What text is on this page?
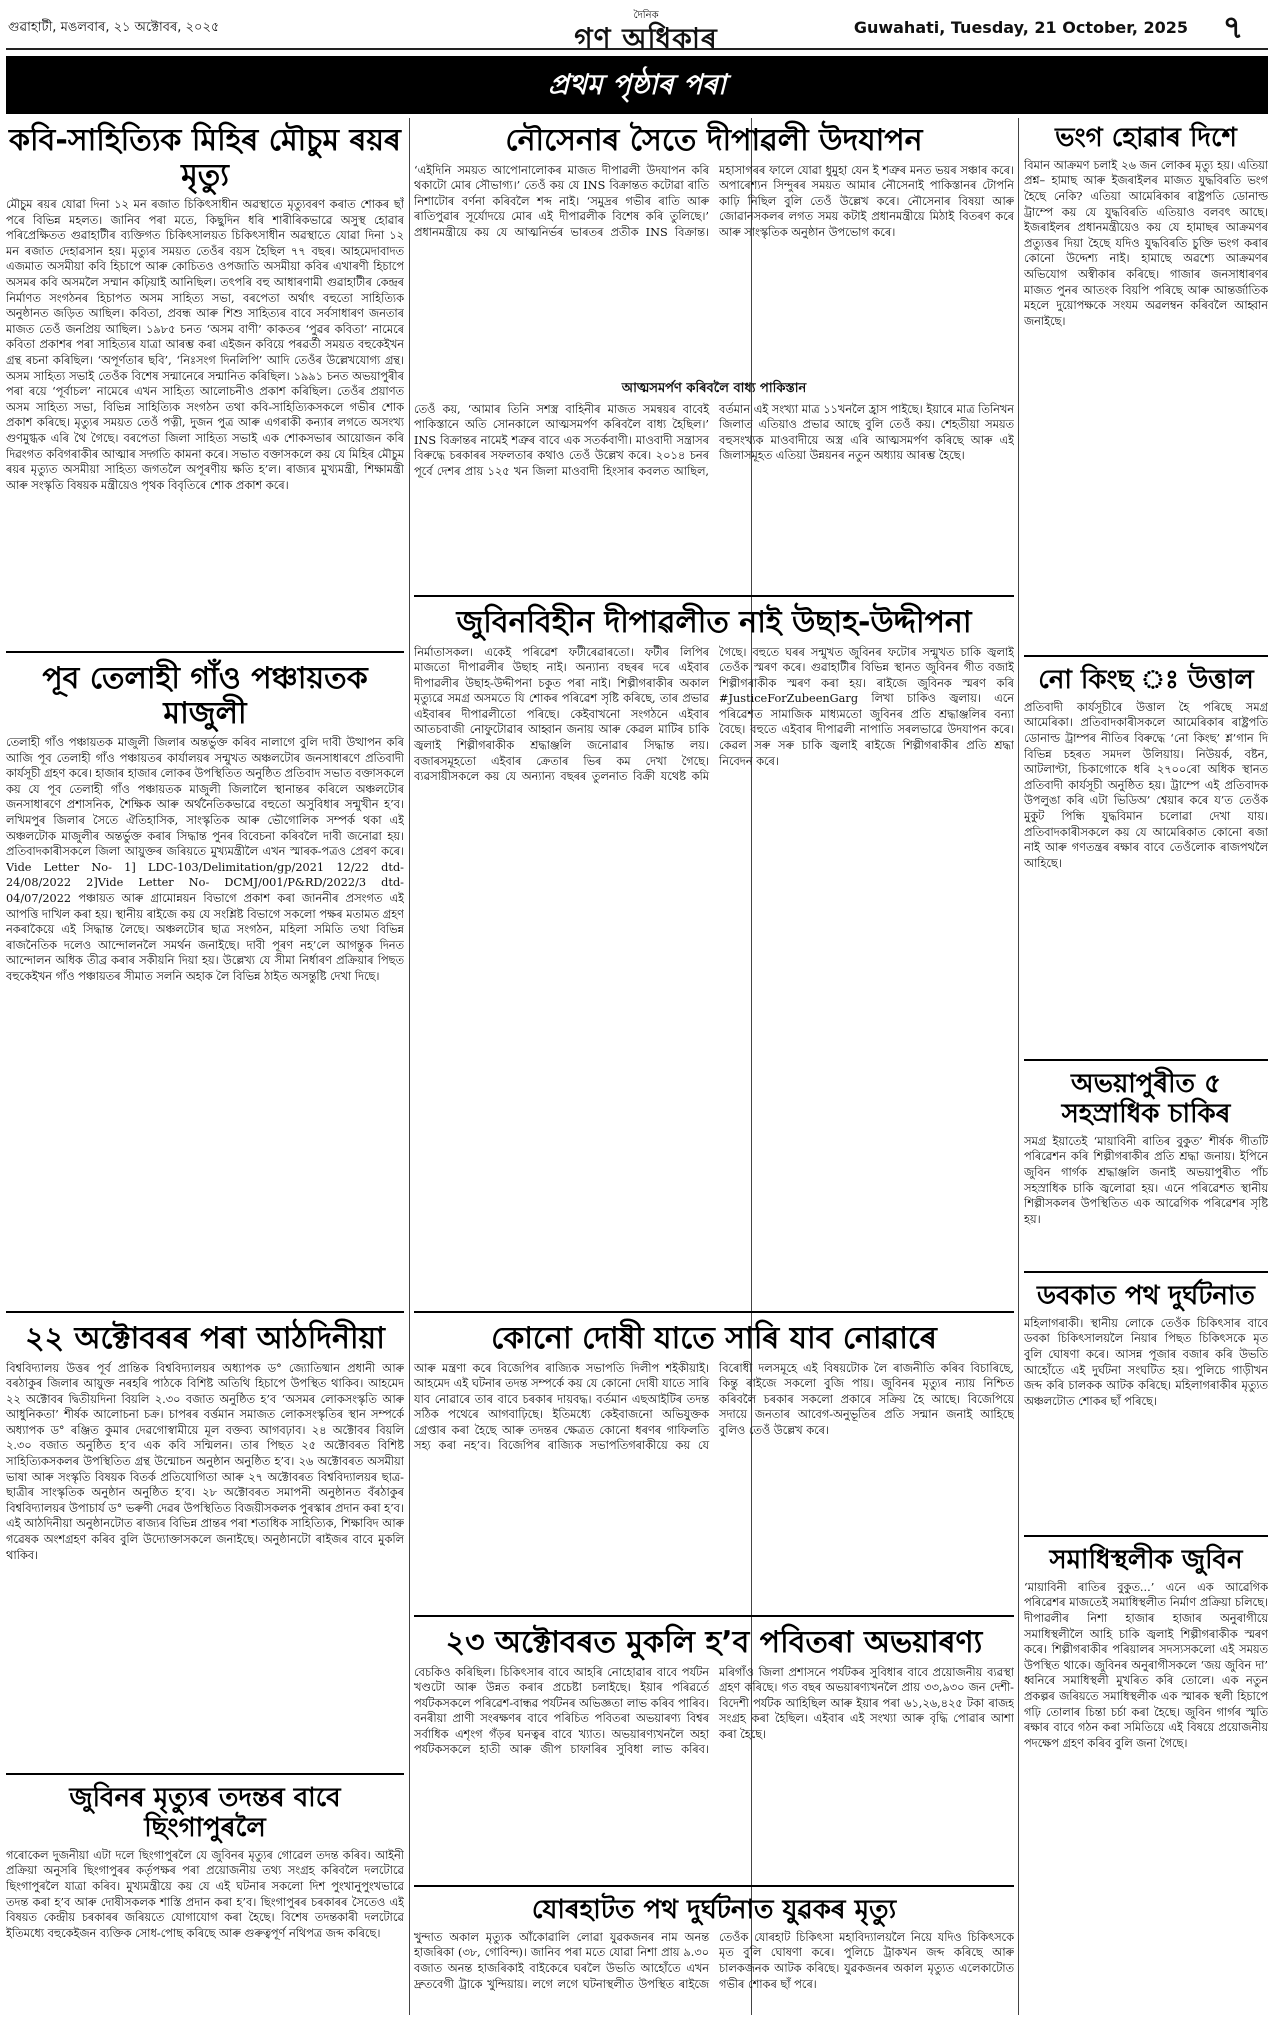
গুৱাহাটী, মঙলবাৰ, ২১ অক্টোবৰ, ২০২৫
দৈনিক
গণ অধিকাৰ	Guwahati, Tuesday, 21 October, 2025	৭
প্ৰথম পৃষ্ঠাৰ পৰা
কবি-সাহিত্যিক মিহিৰ মৌচুম ৰয়ৰ মৃত্যু

মৌচুম ৰয়ৰ যোৱা দিনা ১২ মন ৰজাত চিকিৎসাধীন অৱস্থাতে মৃত্যুবৰণ কৰাত শোকৰ ছাঁ পৰে বিভিন্ন মহলত। জানিব পৰা মতে, কিছুদিন ধৰি শাৰীৰিকভাৱে অসুস্থ হোৱাৰ পৰিপ্ৰেক্ষিতত গুৱাহাটীৰ ব্যক্তিগত চিকিৎসালয়ত চিকিৎসাধীন অৱস্থাতে যোৱা দিনা ১২ মন ৰজাত দেহাৱসান হয়। মৃত্যুৰ সময়ত তেওঁৰ বয়স হৈছিল ৭৭ বছৰ। আহমেদাবাদত এজমাত অসমীয়া কবি হিচাপে আৰু কোচিতও ওপজাতি অসমীয়া কবিৰ এখাৰণী হিচাপে অসমৰ কবি অসমলৈ সম্মান কঢ়িয়াই আনিছিল। তৎপৰি বহু আধাৰণামী গুৱাহাটীৰ কেন্দ্ৰৰ নিৰ্মাণত সংগঠনৰ হিচাপত অসম সাহিত্য সভা, বৰপেতা অৰ্থাৎ বহুতো সাহিত্যিক অনুষ্ঠানত জড়িত আছিল। কবিতা, প্ৰবন্ধ আৰু শিশু সাহিত্যৰ বাবে সৰ্বসাধাৰণ জনতাৰ মাজত তেওঁ জনপ্ৰিয় আছিল। ১৯৮৫ চনত ‘অসম বাণী’ কাকতৰ ‘পুৱৰ কবিতা’ নামেৰে কবিতা প্ৰকাশৰ পৰা সাহিত্যৰ যাত্ৰা আৰম্ভ কৰা এইজন কবিয়ে পৰৱৰ্তী সময়ত বহুকেইখন গ্ৰন্থ ৰচনা কৰিছিল। ‘অপূৰ্ণতাৰ ছবি’, ‘নিঃসংগ দিনলিপি’ আদি তেওঁৰ উল্লেখযোগ্য গ্ৰন্থ। অসম সাহিত্য সভাই তেওঁক বিশেষ সন্মানেৰে সন্মানিত কৰিছিল। ১৯৯১ চনত অভয়াপুৰীৰ পৰা ৰয়ে ‘পূৰ্বাচল’ নামেৰে এখন সাহিত্য আলোচনীও প্ৰকাশ কৰিছিল। তেওঁৰ প্ৰয়াণত অসম সাহিত্য সভা, বিভিন্ন সাহিত্যিক সংগঠন তথা কবি-সাহিত্যিকসকলে গভীৰ শোক প্ৰকাশ কৰিছে। মৃত্যুৰ সময়ত তেওঁ পত্নী, দুজন পুত্ৰ আৰু এগৰাকী কন্যাৰ লগতে অসংখ্য গুণমুগ্ধক এৰি থৈ গৈছে। বৰপেতা জিলা সাহিত্য সভাই এক শোকসভাৰ আয়োজন কৰি দিৱংগত কবিগৰাকীৰ আত্মাৰ সদ্গতি কামনা কৰে। সভাত বক্তাসকলে কয় যে মিহিৰ মৌচুম ৰয়ৰ মৃত্যুত অসমীয়া সাহিত্য জগতলৈ অপূৰণীয় ক্ষতি হ’ল। ৰাজ্যৰ মুখ্যমন্ত্ৰী, শিক্ষামন্ত্ৰী আৰু সংস্কৃতি বিষয়ক মন্ত্ৰীয়েও পৃথক বিবৃতিৰে শোক প্ৰকাশ কৰে।

পূব তেলাহী গাঁও পঞ্চায়তক মাজুলী

তেলাহী গাঁও পঞ্চায়তক মাজুলী জিলাৰ অন্তৰ্ভুক্ত কৰিব নালাগে বুলি দাবী উত্থাপন কৰি আজি পূব তেলাহী গাঁও পঞ্চায়তৰ কাৰ্যালয়ৰ সন্মুখত অঞ্চলটোৰ জনসাধাৰণে প্ৰতিবাদী কাৰ্যসূচী গ্ৰহণ কৰে। হাজাৰ হাজাৰ লোকৰ উপস্থিতিত অনুষ্ঠিত প্ৰতিবাদ সভাত বক্তাসকলে কয় যে পূব তেলাহী গাঁও পঞ্চায়তক মাজুলী জিলালৈ স্থানান্তৰ কৰিলে অঞ্চলটোৰ জনসাধাৰণে প্ৰশাসনিক, শৈক্ষিক আৰু অৰ্থনৈতিকভাৱে বহুতো অসুবিধাৰ সন্মুখীন হ’ব। লখিমপুৰ জিলাৰ সৈতে ঐতিহাসিক, সাংস্কৃতিক আৰু ভৌগোলিক সম্পৰ্ক থকা এই অঞ্চলটোক মাজুলীৰ অন্তৰ্ভুক্ত কৰাৰ সিদ্ধান্ত পুনৰ বিবেচনা কৰিবলৈ দাবী জনোৱা হয়। প্ৰতিবাদকাৰীসকলে জিলা আয়ুক্তৰ জৰিয়তে মুখ্যমন্ত্ৰীলৈ এখন স্মাৰক-পত্ৰও প্ৰেৰণ কৰে। Vide Letter No- 1] LDC-103/Delimitation/gp/2021 12/22 dtd-24/08/2022 2]Vide Letter No- DCMJ/001/P&RD/2022/3 dtd- 04/07/2022 পঞ্চায়ত আৰু গ্ৰামোন্নয়ন বিভাগে প্ৰকাশ কৰা জাননীৰ প্ৰসংগত এই আপত্তি দাখিল কৰা হয়। স্থানীয় ৰাইজে কয় যে সংশ্লিষ্ট বিভাগে সকলো পক্ষৰ মতামত গ্ৰহণ নকৰাকৈয়ে এই সিদ্ধান্ত লৈছে। অঞ্চলটোৰ ছাত্ৰ সংগঠন, মহিলা সমিতি তথা বিভিন্ন ৰাজনৈতিক দলেও আন্দোলনলৈ সমৰ্থন জনাইছে। দাবী পূৰণ নহ’লে আগন্তুক দিনত আন্দোলন অধিক তীব্ৰ কৰাৰ সকীয়নি দিয়া হয়। উল্লেখ্য যে সীমা নিৰ্ধাৰণ প্ৰক্ৰিয়াৰ পিছত বহুকেইখন গাঁও পঞ্চায়তৰ সীমাত সলনি অহাক লৈ বিভিন্ন ঠাইত অসন্তুষ্টি দেখা দিছে।

২২ অক্টোবৰৰ পৰা আঠদিনীয়া

বিশ্ববিদ্যালয় উত্তৰ পূৰ্ব প্ৰান্তিক বিশ্ববিদ্যালয়ৰ অধ্যাপক ড° জ্যোতিষ্মান প্ৰধানী আৰু বৰঠাকুৰ জিলাৰ আয়ুক্ত নৰহৰি পাঠকে বিশিষ্ট অতিথি হিচাপে উপস্থিত থাকিব। আহমেদ ২২ অক্টোবৰ দ্বিতীয়দিনা বিয়লি ২.৩০ বজাত অনুষ্ঠিত হ’ব ‘অসমৰ লোকসংস্কৃতি আৰু আধুনিকতা’ শীৰ্ষক আলোচনা চক্ৰ। চাপৰৰ বৰ্ত্তমান সমাজত লোকসংস্কৃতিৰ স্থান সম্পৰ্কে অধ্যাপক ড° ৰঞ্জিত কুমাৰ দেৱগোস্বামীয়ে মূল বক্তব্য আগবঢ়াব। ২৪ অক্টোবৰ বিয়লি ২.৩০ বজাত অনুষ্ঠিত হ’ব এক কবি সন্মিলন। তাৰ পিছত ২৫ অক্টোবৰত বিশিষ্ট সাহিত্যিকসকলৰ উপস্থিতিত গ্ৰন্থ উন্মোচন অনুষ্ঠান অনুষ্ঠিত হ’ব। ২৬ অক্টোবৰত অসমীয়া ভাষা আৰু সংস্কৃতি বিষয়ক বিতৰ্ক প্ৰতিযোগিতা আৰু ২৭ অক্টোবৰত বিশ্ববিদ্যালয়ৰ ছাত্ৰ-ছাত্ৰীৰ সাংস্কৃতিক অনুষ্ঠান অনুষ্ঠিত হ’ব। ২৮ অক্টোবৰত সমাপনী অনুষ্ঠানত বঁৰঠাকুৰ বিশ্ববিদ্যালয়ৰ উপাচাৰ্য ড° ভৰুণী দেৱৰ উপস্থিতিত বিজয়ীসকলক পুৰস্কাৰ প্ৰদান কৰা হ’ব। এই আঠদিনীয়া অনুষ্ঠানটোত ৰাজ্যৰ বিভিন্ন প্ৰান্তৰ পৰা শতাধিক সাহিত্যিক, শিক্ষাবিদ আৰু গৱেষক অংশগ্ৰহণ কৰিব বুলি উদ্যোক্তাসকলে জনাইছে। অনুষ্ঠানটো ৰাইজৰ বাবে মুকলি থাকিব।

জুবিনৰ মৃত্যুৰ তদন্তৰ বাবে ছিংগাপুৰলৈ

গৰোকেল দুজনীয়া এটা দলে ছিংগাপুৰলৈ যে জুবিনৰ মৃত্যুৰ গোৱেল তদন্ত কৰিব। আইনী প্ৰক্ৰিয়া অনুসৰি ছিংগাপুৰৰ কৰ্তৃপক্ষৰ পৰা প্ৰয়োজনীয় তথ্য সংগ্ৰহ কৰিবলৈ দলটোৱে ছিংগাপুৰলৈ যাত্ৰা কৰিব। মুখ্যমন্ত্ৰীয়ে কয় যে এই ঘটনাৰ সকলো দিশ পুংখানুপুংখভাৱে তদন্ত কৰা হ’ব আৰু দোষীসকলক শাস্তি প্ৰদান কৰা হ’ব। ছিংগাপুৰৰ চৰকাৰৰ সৈতেও এই বিষয়ত কেন্দ্ৰীয় চৰকাৰৰ জৰিয়তে যোগাযোগ কৰা হৈছে। বিশেষ তদন্তকাৰী দলটোৱে ইতিমধ্যে বহুকেইজন ব্যক্তিক সোধ-পোছ কৰিছে আৰু গুৰুত্বপূৰ্ণ নথিপত্ৰ জব্দ কৰিছে।

নৌসেনাৰ সৈতে দীপাৱলী উদযাপন

‘এইদিনি সময়ত আপোনালোকৰ মাজত দীপাৱলী উদযাপন কৰি থকাটো মোৰ সৌভাগ্য।’ তেওঁ কয় যে INS বিক্ৰান্তত কটোৱা ৰাতি নিশাটোৰ বৰ্ণনা কৰিবলৈ শব্দ নাই। ‘সমুদ্ৰৰ গভীৰ ৰাতি আৰু ৰাতিপুৱাৰ সূৰ্যোদয়ে মোৰ এই দীপাৱলীক বিশেষ কৰি তুলিছে।’ প্ৰধানমন্ত্ৰীয়ে কয় যে আত্মনিৰ্ভৰ ভাৰতৰ প্ৰতীক INS বিক্ৰান্ত। মহাসাগৰৰ ফালে যোৱা ধুমুহা যেন ই শত্ৰুৰ মনত ভয়ৰ সঞ্চাৰ কৰে। অপাৰেশ্যন সিন্দুৰৰ সময়ত আমাৰ নৌসেনাই পাকিস্তানৰ টোপনি কাঢ়ি নিছিল বুলি তেওঁ উল্লেখ কৰে। নৌসেনাৰ বিষয়া আৰু জোৱানসকলৰ লগত সময় কটাই প্ৰধানমন্ত্ৰীয়ে মিঠাই বিতৰণ কৰে আৰু সাংস্কৃতিক অনুষ্ঠান উপভোগ কৰে।

আত্মসমৰ্পণ কৰিবলৈ বাধ্য পাকিস্তান

তেওঁ কয়, ‘আমাৰ তিনি সশস্ত্ৰ বাহিনীৰ মাজত সমন্বয়ৰ বাবেই পাকিস্তানে অতি সোনকালে আত্মসমৰ্পণ কৰিবলৈ বাধ্য হৈছিল।’ INS বিক্ৰান্তৰ নামেই শত্ৰুৰ বাবে এক সতৰ্কবাণী। মাওবাদী সন্ত্ৰাসৰ বিৰুদ্ধে চৰকাৰৰ সফলতাৰ কথাও তেওঁ উল্লেখ কৰে। ২০১৪ চনৰ পূৰ্বে দেশৰ প্ৰায় ১২৫ খন জিলা মাওবাদী হিংসাৰ কবলত আছিল, বৰ্তমান এই সংখ্যা মাত্ৰ ১১খনলৈ হ্ৰাস পাইছে। ইয়াৰে মাত্ৰ তিনিখন জিলাত এতিয়াও প্ৰভাৱ আছে বুলি তেওঁ কয়। শেহতীয়া সময়ত বহুসংখ্যক মাওবাদীয়ে অস্ত্ৰ এৰি আত্মসমৰ্পণ কৰিছে আৰু এই জিলাসমূহত এতিয়া উন্নয়নৰ নতুন অধ্যায় আৰম্ভ হৈছে।

জুবিনবিহীন দীপাৱলীত নাই উছাহ-উদ্দীপনা

নিৰ্মাতাসকল। একেই পৰিৱেশ ফটীৰেৱাৰতো। ফটীৰ লিপিৰ মাজতো দীপাৱলীৰ উছাহ নাই। অন্যান্য বছৰৰ দৰে এইবাৰ দীপাৱলীৰ উছাহ-উদ্দীপনা চকুত পৰা নাই। শিল্পীগৰাকীৰ অকাল মৃত্যুৱে সমগ্ৰ অসমতে যি শোকৰ পৰিৱেশ সৃষ্টি কৰিছে, তাৰ প্ৰভাৱ এইবাৰৰ দীপাৱলীতো পৰিছে। কেইবাখনো সংগঠনে এইবাৰ আতচবাজী নোফুটোৱাৰ আহ্বান জনায় আৰু কেৱল মাটিৰ চাকি জ্বলাই শিল্পীগৰাকীক শ্ৰদ্ধাঞ্জলি জনোৱাৰ সিদ্ধান্ত লয়। বজাৰসমূহতো এইবাৰ ক্ৰেতাৰ ভিৰ কম দেখা গৈছে। ব্যৱসায়ীসকলে কয় যে অন্যান্য বছৰৰ তুলনাত বিক্ৰী যথেষ্ট কমি গৈছে। বহুতে ঘৰৰ সন্মুখত জুবিনৰ ফটোৰ সন্মুখত চাকি জ্বলাই তেওঁক স্মৰণ কৰে। গুৱাহাটীৰ বিভিন্ন স্থানত জুবিনৰ গীত বজাই শিল্পীগৰাকীক স্মৰণ কৰা হয়। ৰাইজে জুবিনক স্মৰণ কৰি #JusticeForZubeenGarg লিখা চাকিও জ্বলায়। এনে পৰিৱেশত সামাজিক মাধ্যমতো জুবিনৰ প্ৰতি শ্ৰদ্ধাঞ্জলিৰ বন্যা বৈছে। বহুতে এইবাৰ দীপাৱলী নাপাতি সৰলভাৱে উদযাপন কৰে। কেৱল সৰু সৰু চাকি জ্বলাই ৰাইজে শিল্পীগৰাকীৰ প্ৰতি শ্ৰদ্ধা নিবেদন কৰে।

কোনো দোষী যাতে সাৰি যাব নোৱাৰে

আৰু মন্ত্ৰণা কৰে বিজেপিৰ ৰাজ্যিক সভাপতি দিলীপ শইকীয়াই। আহমেদ এই ঘটনাৰ তদন্ত সম্পৰ্কে কয় যে কোনো দোষী যাতে সাৰি যাব নোৱাৰে তাৰ বাবে চৰকাৰ দায়বদ্ধ। বৰ্তমান এছআইটিৰ তদন্ত সঠিক পথেৰে আগবাঢ়িছে। ইতিমধ্যে কেইবাজনো অভিযুক্তক গ্ৰেপ্তাৰ কৰা হৈছে আৰু তদন্তৰ ক্ষেত্ৰত কোনো ধৰণৰ গাফিলতি সহ্য কৰা নহ’ব। বিজেপিৰ ৰাজ্যিক সভাপতিগৰাকীয়ে কয় যে বিৰোধী দলসমূহে এই বিষয়টোক লৈ ৰাজনীতি কৰিব বিচাৰিছে, কিন্তু ৰাইজে সকলো বুজি পায়। জুবিনৰ মৃত্যুৰ ন্যায় নিশ্চিত কৰিবলৈ চৰকাৰ সকলো প্ৰকাৰে সক্ৰিয় হৈ আছে। বিজেপিয়ে সদায়ে জনতাৰ আবেগ-অনুভূতিৰ প্ৰতি সন্মান জনাই আহিছে বুলিও তেওঁ উল্লেখ কৰে।

২৩ অক্টোবৰত মুকলি হ’ব পবিতৰা অভয়াৰণ্য

বেচকিও কৰিছিল। চিকিৎসাৰ বাবে আহৰি নোহোৱাৰ বাবে পৰ্যটন খণ্ডটো আৰু উন্নত কৰাৰ প্ৰচেষ্টা চলাইছে। ইয়াৰ পৰিৱৰ্তে পৰ্যটকসকলে পৰিৱেশ-বান্ধৱ পৰ্যটনৰ অভিজ্ঞতা লাভ কৰিব পাৰিব। বনৰীয়া প্ৰাণী সংৰক্ষণৰ বাবে পৰিচিত পবিতৰা অভয়াৰণ্য বিশ্বৰ সৰ্বাধিক এশৃংগ গঁড়ৰ ঘনত্বৰ বাবে খ্যাত। অভয়াৰণ্যখনলৈ অহা পৰ্যটকসকলে হাতী আৰু জীপ চাফাৰিৰ সুবিধা লাভ কৰিব। মৰিগাঁও জিলা প্ৰশাসনে পৰ্যটকৰ সুবিধাৰ বাবে প্ৰয়োজনীয় ব্যৱস্থা গ্ৰহণ কৰিছে। গত বছৰ অভয়াৰণ্যখনলৈ প্ৰায় ৩৩,৯৩০ জন দেশী-বিদেশী পৰ্যটক আহিছিল আৰু ইয়াৰ পৰা ৬১,২৬,৪২৫ টকা ৰাজহ সংগ্ৰহ কৰা হৈছিল। এইবাৰ এই সংখ্যা আৰু বৃদ্ধি পোৱাৰ আশা কৰা হৈছে।

যোৰহাটত পথ দুৰ্ঘটনাত যুৱকৰ মৃত্যু

খুন্দাত অকাল মৃত্যুক আঁকোৱালি লোৱা যুৱকজনৰ নাম অনন্ত হাজৰিকা (৩৮, গোবিন্দ)। জানিব পৰা মতে যোৱা নিশা প্ৰায় ৯.৩০ বজাত অনন্ত হাজৰিকাই বাইকেৰে ঘৰলৈ উভতি আহোঁতে এখন দ্ৰুতবেগী ট্ৰাকে খুন্দিয়ায়। লগে লগে ঘটনাস্থলীত উপস্থিত ৰাইজে তেওঁক যোৰহাট চিকিৎসা মহাবিদ্যালয়লৈ নিয়ে যদিও চিকিৎসকে মৃত বুলি ঘোষণা কৰে। পুলিচে ট্ৰাকখন জব্দ কৰিছে আৰু চালকজনক আটক কৰিছে। যুৱকজনৰ অকাল মৃত্যুত এলেকাটোত গভীৰ শোকৰ ছাঁ পৰে।

ভংগ হোৱাৰ দিশে

বিমান আক্ৰমণ চলাই ২৬ জন লোকৰ মৃত্যু হয়। এতিয়া প্ৰশ্ন– হামাছ আৰু ইজৰাইলৰ মাজত যুদ্ধবিৰতি ভংগ হৈছে নেকি? এতিয়া আমেৰিকাৰ ৰাষ্ট্ৰপতি ডোনাল্ড ট্ৰাম্পে কয় যে যুদ্ধবিৰতি এতিয়াও বলবৎ আছে। ইজৰাইলৰ প্ৰধানমন্ত্ৰীয়েও কয় যে হামাছৰ আক্ৰমণৰ প্ৰত্যুত্তৰ দিয়া হৈছে যদিও যুদ্ধবিৰতি চুক্তি ভংগ কৰাৰ কোনো উদ্দেশ্য নাই। হামাছে অৱশ্যে আক্ৰমণৰ অভিযোগ অস্বীকাৰ কৰিছে। গাজাৰ জনসাধাৰণৰ মাজত পুনৰ আতংক বিয়পি পৰিছে আৰু আন্তৰ্জাতিক মহলে দুয়োপক্ষকে সংযম অৱলম্বন কৰিবলৈ আহ্বান জনাইছে।

নো কিংছ ঃ উত্তাল

প্ৰতিবাদী কাৰ্যসূচীৰে উত্তাল হৈ পৰিছে সমগ্ৰ আমেৰিকা। প্ৰতিবাদকাৰীসকলে আমেৰিকাৰ ৰাষ্ট্ৰপতি ডোনাল্ড ট্ৰাম্পৰ নীতিৰ বিৰুদ্ধে ‘নো কিংছ’ শ্ল’গান দি বিভিন্ন চহৰত সমদল উলিয়ায়। নিউয়ৰ্ক, বষ্টন, আটলাণ্টা, চিকাগোকে ধৰি ২৭০০ৰো অধিক স্থানত প্ৰতিবাদী কাৰ্যসূচী অনুষ্ঠিত হয়। ট্ৰাম্পে এই প্ৰতিবাদক উপলুঙা কৰি এটা ভিডিঅ’ শ্বেয়াৰ কৰে য’ত তেওঁক মুকুট পিন্ধি যুদ্ধবিমান চলোৱা দেখা যায়। প্ৰতিবাদকাৰীসকলে কয় যে আমেৰিকাত কোনো ৰজা নাই আৰু গণতন্ত্ৰৰ ৰক্ষাৰ বাবে তেওঁলোক ৰাজপথলৈ আহিছে।

অভয়াপুৰীত ৫ সহস্ৰাধিক চাকিৰ

সমগ্ৰ ইয়াতেই ‘মায়াবিনী ৰাতিৰ বুকুত’ শীৰ্ষক গীতটি পৰিৱেশন কৰি শিল্পীগৰাকীৰ প্ৰতি শ্ৰদ্ধা জনায়। ইপিনে জুবিন গাৰ্গক শ্ৰদ্ধাঞ্জলি জনাই অভয়াপুৰীত পাঁচ সহস্ৰাধিক চাকি জ্বলোৱা হয়। এনে পৰিৱেশত স্থানীয় শিল্পীসকলৰ উপস্থিতিত এক আৱেগিক পৰিৱেশৰ সৃষ্টি হয়।

ডবকাত পথ দুৰ্ঘটনাত

মহিলাগৰাকী। স্থানীয় লোকে তেওঁক চিকিৎসাৰ বাবে ডবকা চিকিৎসালয়লৈ নিয়াৰ পিছত চিকিৎসকে মৃত বুলি ঘোষণা কৰে। আসন্ন পূজাৰ বজাৰ কৰি উভতি আহোঁতে এই দুৰ্ঘটনা সংঘটিত হয়। পুলিচে গাড়ীখন জব্দ কৰি চালকক আটক কৰিছে। মহিলাগৰাকীৰ মৃত্যুত অঞ্চলটোত শোকৰ ছাঁ পৰিছে।

সমাধিস্থলীক জুবিন

‘মায়াবিনী ৰাতিৰ বুকুত...’ এনে এক আৱেগিক পৰিৱেশৰ মাজতেই সমাধিস্থলীত নিৰ্মাণ প্ৰক্ৰিয়া চলিছে। দীপাৱলীৰ নিশা হাজাৰ হাজাৰ অনুৰাগীয়ে সমাধিস্থলীলৈ আহি চাকি জ্বলাই শিল্পীগৰাকীক স্মৰণ কৰে। শিল্পীগৰাকীৰ পৰিয়ালৰ সদস্যসকলো এই সময়ত উপস্থিত থাকে। জুবিনৰ অনুৰাগীসকলে ‘জয় জুবিন দা’ ধ্বনিৰে সমাধিস্থলী মুখৰিত কৰি তোলে। এক নতুন প্ৰকল্পৰ জৰিয়তে সমাধিস্থলীক এক স্মাৰক স্থলী হিচাপে গঢ়ি তোলাৰ চিন্তা চৰ্চা কৰা হৈছে। জুবিন গাৰ্গৰ স্মৃতি ৰক্ষাৰ বাবে গঠন কৰা সমিতিয়ে এই বিষয়ে প্ৰয়োজনীয় পদক্ষেপ গ্ৰহণ কৰিব বুলি জনা গৈছে।
